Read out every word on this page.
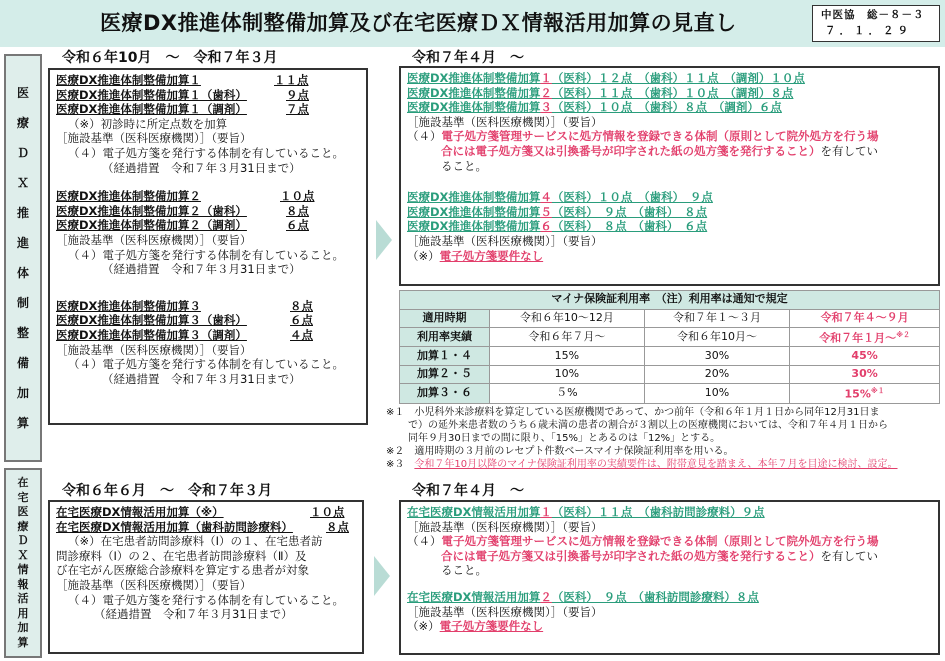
医療DX推進体制整備加算及び在宅医療ＤＸ情報活用加算の見直し	中医協　総－８－３
７．１．２９
医
療
Ｄ
Ｘ
推
進
体
制
整
備
加
算
在
宅
医
療
Ｄ
Ｘ
情
報
活
用
加
算
令和６年10月　～　令和７年３月
医療DX推進体制整備加算１	１１点
医療DX推進体制整備加算１（歯科）	９点
医療DX推進体制整備加算１（調剤）	７点
（※）初診時に所定点数を加算
［施設基準（医科医療機関）］（要旨）
（４）電子処方箋を発行する体制を有していること。
（経過措置　令和７年３月31日まで）
医療DX推進体制整備加算２	１０点
医療DX推進体制整備加算２（歯科）	８点
医療DX推進体制整備加算２（調剤）	６点
［施設基準（医科医療機関）］（要旨）
（４）電子処方箋を発行する体制を有していること。
（経過措置　令和７年３月31日まで）
医療DX推進体制整備加算３	８点
医療DX推進体制整備加算３（歯科）	６点
医療DX推進体制整備加算３（調剤）	４点
［施設基準（医科医療機関）］（要旨）
（４）電子処方箋を発行する体制を有していること。
（経過措置　令和７年３月31日まで）
令和７年４月　～
医療DX推進体制整備加算１（医科）１２点　（歯科）１１点　（調剤）１０点
医療DX推進体制整備加算２（医科）１１点　（歯科）１０点　（調剤）８点
医療DX推進体制整備加算３（医科）１０点　（歯科）８点　（調剤）６点
［施設基準（医科医療機関）］（要旨）
（４）電子処方箋管理サービスに処方情報を登録できる体制（原則として院外処方を行う場
合には電子処方箋又は引換番号が印字された紙の処方箋を発行すること）を有してい
ること。
医療DX推進体制整備加算４（医科）１０点　（歯科）　９点
医療DX推進体制整備加算５（医科）　９点　（歯科）　８点
医療DX推進体制整備加算６（医科）　８点　（歯科）　６点
［施設基準（医科医療機関）］（要旨）
（※）電子処方箋要件なし
マイナ保険証利用率　（注）利用率は通知で規定			
適用時期	令和６年10～12月	令和７年１～３月	令和７年４～９月
利用率実績	令和６年７月～	令和６年10月～	令和７年１月～$^{※2}$
加算１・４	15%	30%	45%
加算２・５	10%	20%	30%
加算３・６	５%	10%	15%$^{※1}$
※１　小児科外来診療料を算定している医療機関であって、かつ前年（令和６年１月１日から同年12月31日ま
で）の延外来患者数のうち６歳未満の患者の割合が３割以上の医療機関においては、令和７年４月１日から
同年９月30日までの間に限り、「15%」とあるのは「12%」とする。
※２　適用時期の３月前のレセプト件数ベースマイナ保険証利用率を用いる。
※３　令和７年10月以降のマイナ保険証利用率の実績要件は、附帯意見を踏まえ、本年７月を目途に検討、設定。
令和６年６月　～　令和７年３月
在宅医療DX情報活用加算（※）	１０点
在宅医療DX情報活用加算（歯科訪問診療料）	８点
（※）在宅患者訪問診療料（Ⅰ）の１、在宅患者訪
問診療料（Ⅰ）の２、在宅患者訪問診療料（Ⅱ）及
び在宅がん医療総合診療料を算定する患者が対象
［施設基準（医科医療機関）］（要旨）
（４）電子処方箋を発行する体制を有していること。
（経過措置　令和７年３月31日まで）
令和７年４月　～
在宅医療DX情報活用加算１（医科）１１点　（歯科訪問診療料）９点
［施設基準（医科医療機関）］（要旨）
（４）電子処方箋管理サービスに処方情報を登録できる体制（原則として院外処方を行う場
合には電子処方箋又は引換番号が印字された紙の処方箋を発行すること）を有してい
ること。
在宅医療DX情報活用加算２（医科）　９点　（歯科訪問診療料）８点
［施設基準（医科医療機関）］（要旨）
（※）電子処方箋要件なし
